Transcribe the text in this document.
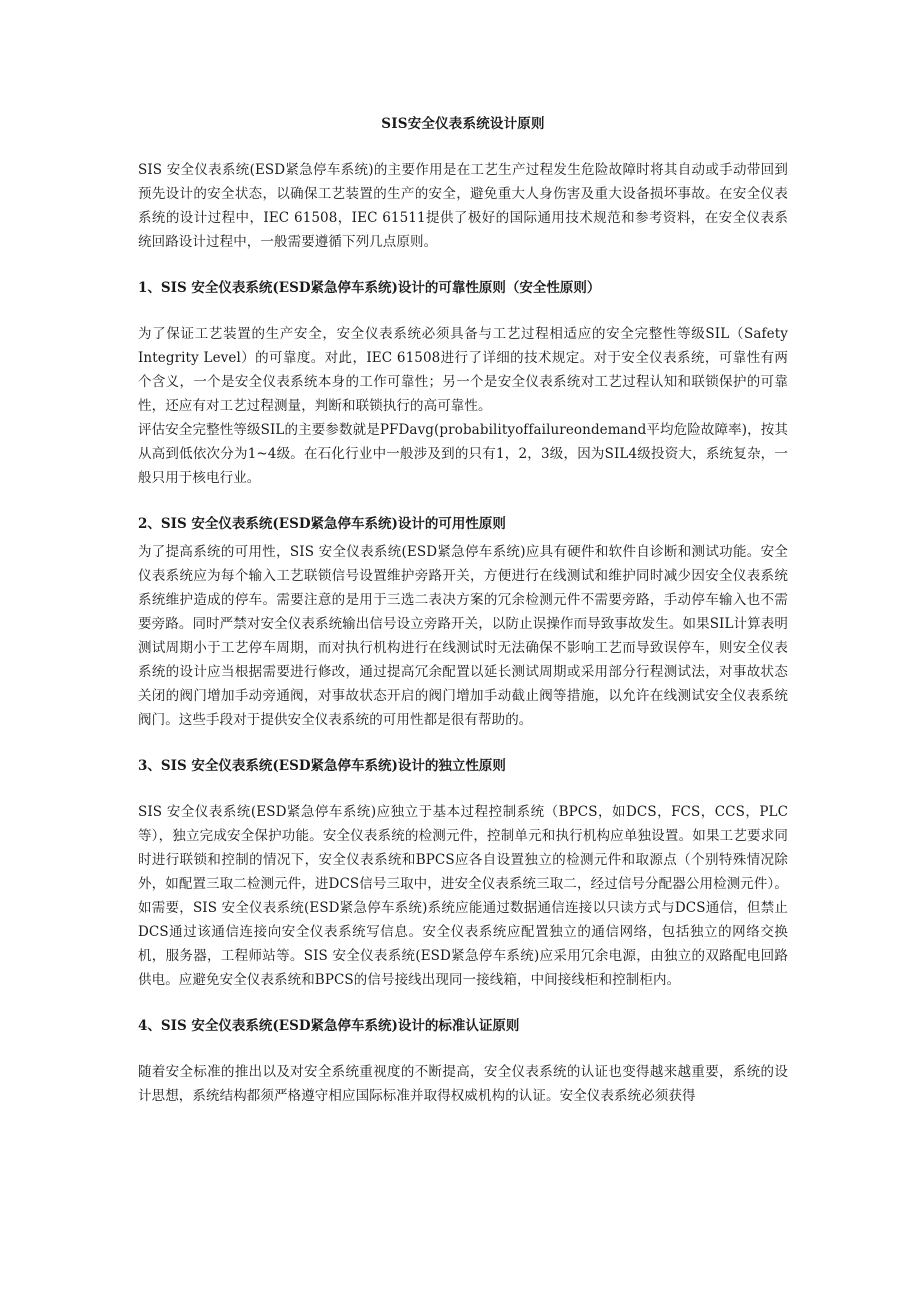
SIS安全仪表系统设计原则

SIS 安全仪表系统(ESD紧急停车系统)的主要作用是在工艺生产过程发生危险故障时将其自动或手动带回到预先设计的安全状态，以确保工艺装置的生产的安全，避免重大人身伤害及重大设备损坏事故。在安全仪表系统的设计过程中，IEC 61508，IEC 61511提供了极好的国际通用技术规范和参考资料，在安全仪表系统回路设计过程中，一般需要遵循下列几点原则。

1、SIS 安全仪表系统(ESD紧急停车系统)设计的可靠性原则（安全性原则）

为了保证工艺装置的生产安全，安全仪表系统必须具备与工艺过程相适应的安全完整性等级SIL（Safety Integrity Level）的可靠度。对此，IEC 61508进行了详细的技术规定。对于安全仪表系统，可靠性有两个含义，一个是安全仪表系统本身的工作可靠性；另一个是安全仪表系统对工艺过程认知和联锁保护的可靠性，还应有对工艺过程测量，判断和联锁执行的高可靠性。

评估安全完整性等级SIL的主要参数就是PFDavg(probabilityoffailureondemand平均危险故障率)，按其从高到低依次分为1~4级。在石化行业中一般涉及到的只有1，2，3级，因为SIL4级投资大，系统复杂，一般只用于核电行业。

2、SIS 安全仪表系统(ESD紧急停车系统)设计的可用性原则

为了提高系统的可用性，SIS 安全仪表系统(ESD紧急停车系统)应具有硬件和软件自诊断和测试功能。安全仪表系统应为每个输入工艺联锁信号设置维护旁路开关，方便进行在线测试和维护同时减少因安全仪表系统系统维护造成的停车。需要注意的是用于三选二表决方案的冗余检测元件不需要旁路，手动停车输入也不需要旁路。同时严禁对安全仪表系统输出信号设立旁路开关，以防止误操作而导致事故发生。如果SIL计算表明测试周期小于工艺停车周期，而对执行机构进行在线测试时无法确保不影响工艺而导致误停车，则安全仪表系统的设计应当根据需要进行修改，通过提高冗余配置以延长测试周期或采用部分行程测试法，对事故状态关闭的阀门增加手动旁通阀，对事故状态开启的阀门增加手动截止阀等措施，以允许在线测试安全仪表系统阀门。这些手段对于提供安全仪表系统的可用性都是很有帮助的。

3、SIS 安全仪表系统(ESD紧急停车系统)设计的独立性原则

SIS 安全仪表系统(ESD紧急停车系统)应独立于基本过程控制系统（BPCS，如DCS，FCS，CCS，PLC等），独立完成安全保护功能。安全仪表系统的检测元件，控制单元和执行机构应单独设置。如果工艺要求同时进行联锁和控制的情况下，安全仪表系统和BPCS应各自设置独立的检测元件和取源点（个别特殊情况除外，如配置三取二检测元件，进DCS信号三取中，进安全仪表系统三取二，经过信号分配器公用检测元件）。如需要，SIS 安全仪表系统(ESD紧急停车系统)系统应能通过数据通信连接以只读方式与DCS通信，但禁止DCS通过该通信连接向安全仪表系统写信息。安全仪表系统应配置独立的通信网络，包括独立的网络交换机，服务器，工程师站等。SIS 安全仪表系统(ESD紧急停车系统)应采用冗余电源，由独立的双路配电回路供电。应避免安全仪表系统和BPCS的信号接线出现同一接线箱，中间接线柜和控制柜内。

4、SIS 安全仪表系统(ESD紧急停车系统)设计的标准认证原则

随着安全标准的推出以及对安全系统重视度的不断提高，安全仪表系统的认证也变得越来越重要，系统的设计思想，系统结构都须严格遵守相应国际标准并取得权威机构的认证。安全仪表系统必须获得
